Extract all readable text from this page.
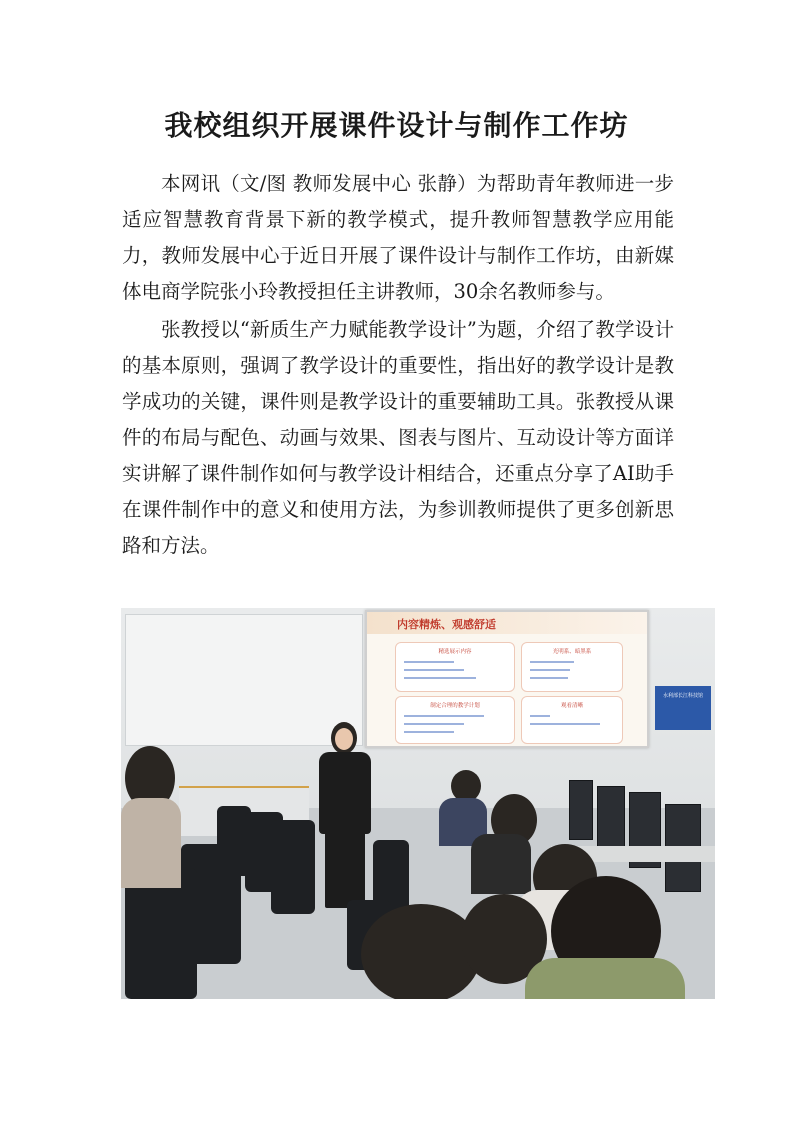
我校组织开展课件设计与制作工作坊

本网讯（文/图 教师发展中心 张静）为帮助青年教师进一步适应智慧教育背景下新的教学模式，提升教师智慧教学应用能力，教师发展中心于近日开展了课件设计与制作工作坊，由新媒体电商学院张小玲教授担任主讲教师，30余名教师参与。

张教授以“新质生产力赋能教学设计”为题，介绍了教学设计的基本原则，强调了教学设计的重要性，指出好的教学设计是教学成功的关键，课件则是教学设计的重要辅助工具。张教授从课件的布局与配色、动画与效果、图表与图片、互动设计等方面详实讲解了课件制作如何与教学设计相结合，还重点分享了AI助手在课件制作中的意义和使用方法，为参训教师提供了更多创新思路和方法。

内容精炼、观感舒适
精选展示内容	光明系、暗黑系
制定合理的教学计划	观看清晰
水利部长江科技馆
